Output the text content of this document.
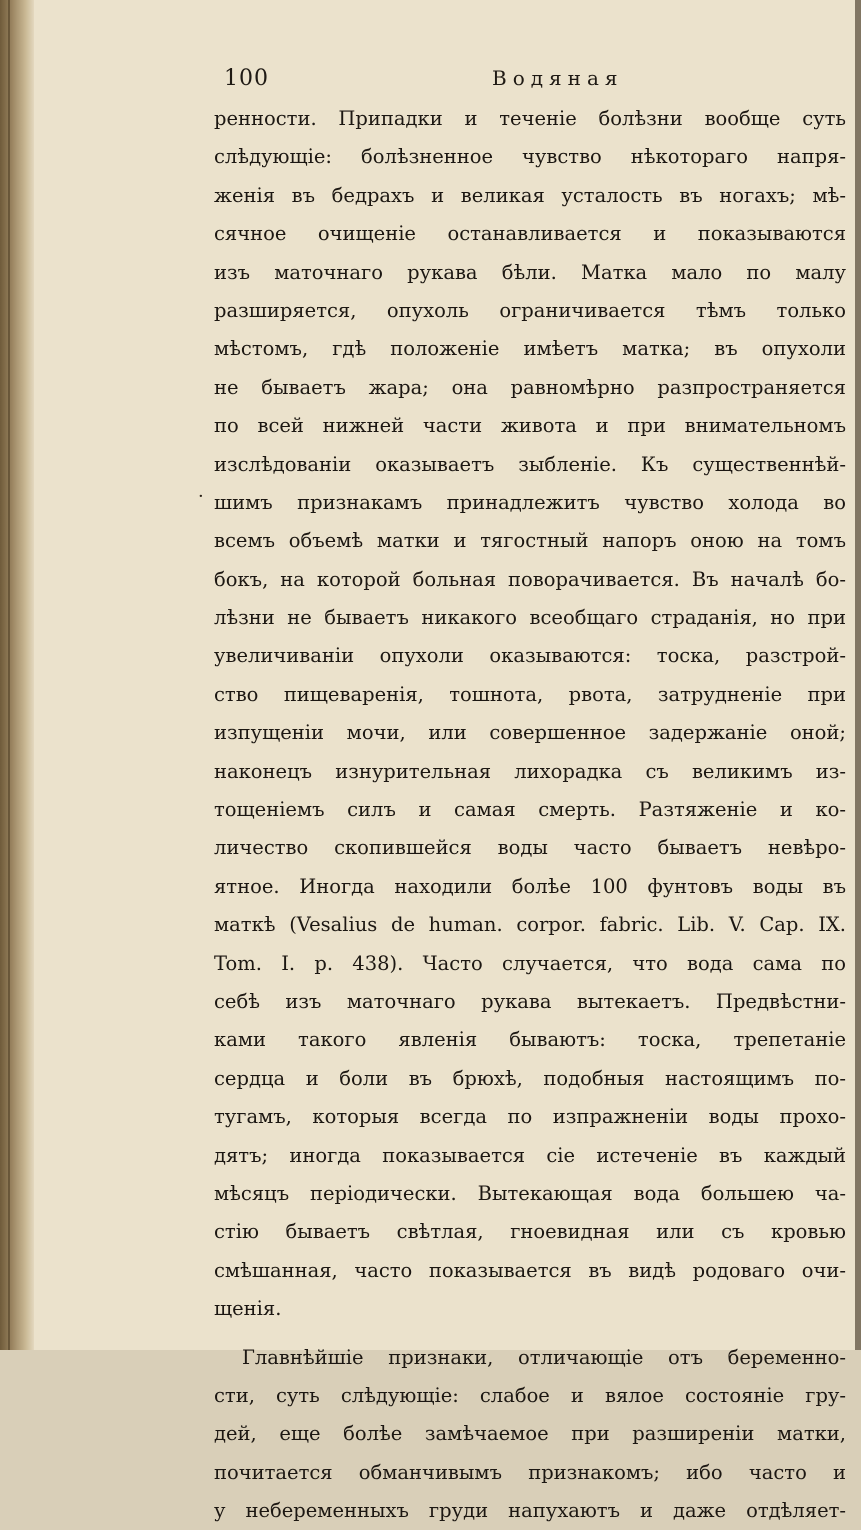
100	Водяная
·
ренности. Припадки и теченіе болѣзни вообще суть
слѣдующіе: болѣзненное чувство нѣкотораго напря-
женія въ бедрахъ и великая усталость въ ногахъ; мѣ-
сячное очищеніе останавливается и показываются
изъ маточнаго рукава бѣли. Матка мало по малу
разширяется, опухоль ограничивается тѣмъ только
мѣстомъ, гдѣ положеніе имѣетъ матка; въ опухоли
не бываетъ жара; она равномѣрно разпространяется
по всей нижней части живота и при внимательномъ
изслѣдованіи оказываетъ зыбленіе. Къ существеннѣй-
шимъ признакамъ принадлежитъ чувство холода во
всемъ объемѣ матки и тягостный напоръ оною на томъ
бокъ, на которой больная поворачивается. Въ началѣ бо-
лѣзни не бываетъ никакого всеобщаго страданія, но при
увеличиваніи опухоли оказываются: тоска, разстрой-
ство пищеваренія, тошнота, рвота, затрудненіе при
изпущеніи мочи, или совершенное задержаніе оной;
наконецъ изнурительная лихорадка съ великимъ из-
тощеніемъ силъ и самая смерть. Разтяженіе и ко-
личество скопившейся воды часто бываетъ невѣро-
ятное. Иногда находили болѣе 100 фунтовъ воды въ
маткѣ (Vesalius de human. corpor. fabric. Lib. V. Cap. IX.
Tom. I. p. 438). Часто случается, что вода сама по
себѣ изъ маточнаго рукава вытекаетъ. Предвѣстни-
ками такого явленія бываютъ: тоска, трепетаніе
сердца и боли въ брюхѣ, подобныя настоящимъ по-
тугамъ, которыя всегда по изпражненіи воды прохо-
дятъ; иногда показывается сіе истеченіе въ каждый
мѣсяцъ періодически. Вытекающая вода большею ча-
стію бываетъ свѣтлая, гноевидная или съ кровью
смѣшанная, часто показывается въ видѣ родоваго очи-
щенія.
Главнѣйшіе признаки, отличающіе отъ беременно-
сти, суть слѣдующіе: слабое и вялое состояніе гру-
дей, еще болѣе замѣчаемое при разширеніи матки,
почитается обманчивымъ признакомъ; ибо часто и
у небеременныхъ груди напухаютъ и даже отдѣляет-
